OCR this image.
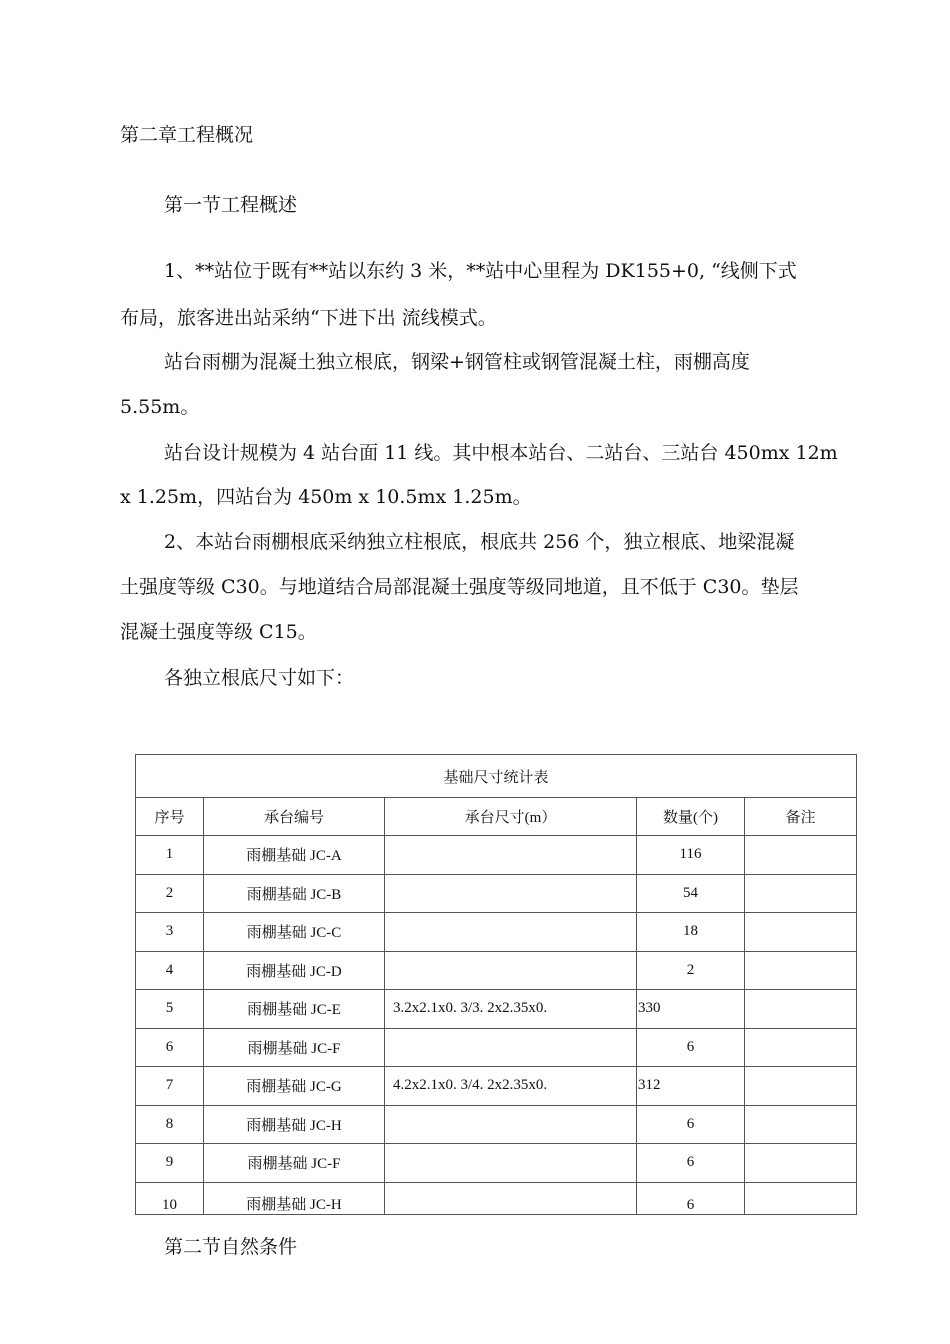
第二章工程概况
第一节工程概述
1、**站位于既有**站以东约 3 米，**站中心里程为 DK155+0, “线侧下式
布局，旅客进出站采纳“下进下出 流线模式。
站台雨棚为混凝土独立根底，钢梁+钢管柱或钢管混凝土柱，雨棚高度
5.55m。
站台设计规模为 4 站台面 11 线。其中根本站台、二站台、三站台 450mx 12m
x 1.25m，四站台为 450m x 10.5mx 1.25m。
2、本站台雨棚根底采纳独立柱根底，根底共 256 个，独立根底、地梁混凝
土强度等级 C30。与地道结合局部混凝土强度等级同地道，且不低于 C30。垫层
混凝土强度等级 C15。
各独立根底尺寸如下：
基础尺寸统计表				
序号	承台编号	承台尺寸(m）	数量(个)	备注
1	雨棚基础 JC-A		116	
2	雨棚基础 JC-B		54	
3	雨棚基础 JC-C		18	
4	雨棚基础 JC-D		2	
5	雨棚基础 JC-E	3.2x2.1x0. 3/3. 2x2.35x0.	330	
6	雨棚基础 JC-F		6	
7	雨棚基础 JC-G	4.2x2.1x0. 3/4. 2x2.35x0.	312	
8	雨棚基础 JC-H		6	
9	雨棚基础 JC-F		6	
10	雨棚基础 JC-H		6	
第二节自然条件
